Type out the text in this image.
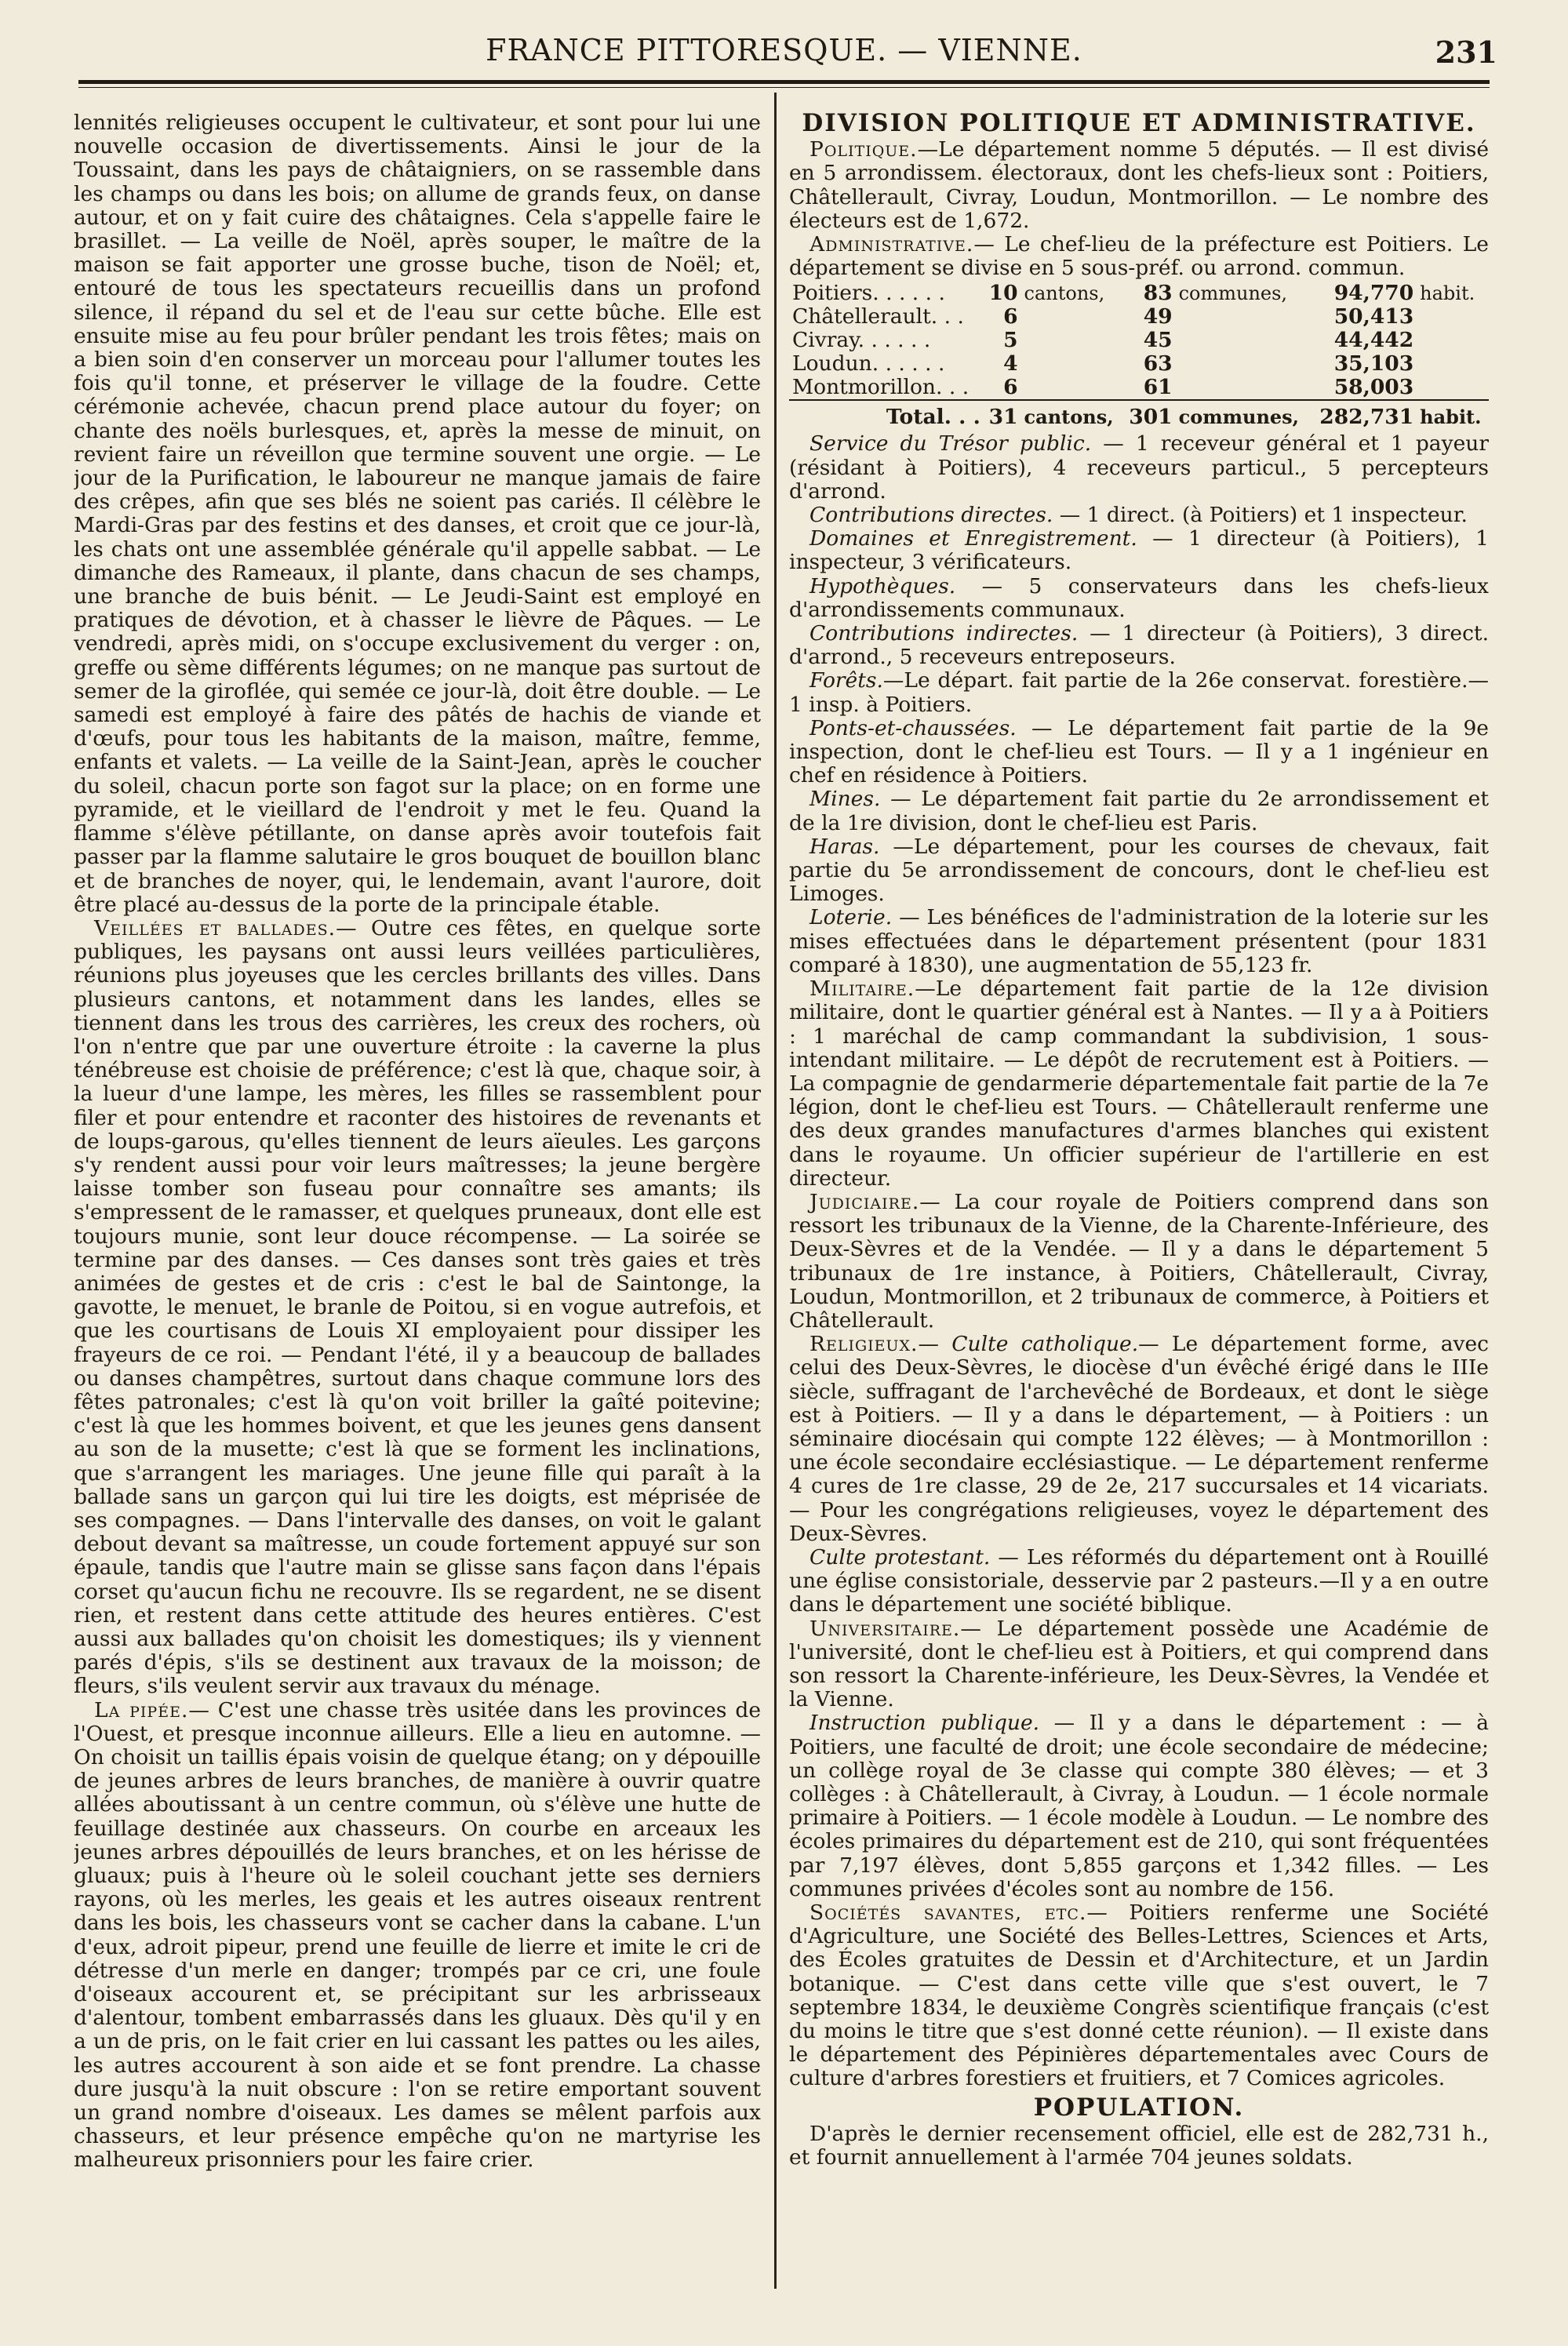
FRANCE PITTORESQUE. — VIENNE.	231

lennités religieuses occupent le cultivateur, et sont pour lui une nouvelle occasion de divertissements. Ainsi le jour de la Toussaint, dans les pays de châtaigniers, on se rassemble dans les champs ou dans les bois; on allume de grands feux, on danse autour, et on y fait cuire des châtaignes. Cela s'appelle faire le brasillet. — La veille de Noël, après souper, le maître de la maison se fait apporter une grosse buche, tison de Noël; et, entouré de tous les spectateurs recueillis dans un profond silence, il répand du sel et de l'eau sur cette bûche. Elle est ensuite mise au feu pour brûler pendant les trois fêtes; mais on a bien soin d'en conserver un morceau pour l'allumer toutes les fois qu'il tonne, et préserver le village de la foudre. Cette cérémonie achevée, chacun prend place autour du foyer; on chante des noëls burlesques, et, après la messe de minuit, on revient faire un réveillon que termine souvent une orgie. — Le jour de la Purification, le laboureur ne manque jamais de faire des crêpes, afin que ses blés ne soient pas cariés. Il célèbre le Mardi-Gras par des festins et des danses, et croit que ce jour-là, les chats ont une assemblée générale qu'il appelle sabbat. — Le dimanche des Rameaux, il plante, dans chacun de ses champs, une branche de buis bénit. — Le Jeudi-Saint est employé en pratiques de dévotion, et à chasser le lièvre de Pâques. — Le vendredi, après midi, on s'occupe exclusivement du verger : on, greffe ou sème différents légumes; on ne manque pas surtout de semer de la giroflée, qui semée ce jour-là, doit être double. — Le samedi est employé à faire des pâtés de hachis de viande et d'œufs, pour tous les habitants de la maison, maître, femme, enfants et valets. — La veille de la Saint-Jean, après le coucher du soleil, chacun porte son fagot sur la place; on en forme une pyramide, et le vieillard de l'endroit y met le feu. Quand la flamme s'élève pétillante, on danse après avoir toutefois fait passer par la flamme salutaire le gros bouquet de bouillon blanc et de branches de noyer, qui, le lendemain, avant l'aurore, doit être placé au-dessus de la porte de la principale étable.

Veillées et ballades.— Outre ces fêtes, en quelque sorte publiques, les paysans ont aussi leurs veillées particulières, réunions plus joyeuses que les cercles brillants des villes. Dans plusieurs cantons, et notamment dans les landes, elles se tiennent dans les trous des carrières, les creux des rochers, où l'on n'entre que par une ouverture étroite : la caverne la plus ténébreuse est choisie de préférence; c'est là que, chaque soir, à la lueur d'une lampe, les mères, les filles se rassemblent pour filer et pour entendre et raconter des histoires de revenants et de loups-garous, qu'elles tiennent de leurs aïeules. Les garçons s'y rendent aussi pour voir leurs maîtresses; la jeune bergère laisse tomber son fuseau pour connaître ses amants; ils s'empressent de le ramasser, et quelques pruneaux, dont elle est toujours munie, sont leur douce récompense. — La soirée se termine par des danses. — Ces danses sont très gaies et très animées de gestes et de cris : c'est le bal de Saintonge, la gavotte, le menuet, le branle de Poitou, si en vogue autrefois, et que les courtisans de Louis XI employaient pour dissiper les frayeurs de ce roi. — Pendant l'été, il y a beaucoup de ballades ou danses champêtres, surtout dans chaque commune lors des fêtes patronales; c'est là qu'on voit briller la gaîté poitevine; c'est là que les hommes boivent, et que les jeunes gens dansent au son de la musette; c'est là que se forment les inclinations, que s'arrangent les mariages. Une jeune fille qui paraît à la ballade sans un garçon qui lui tire les doigts, est méprisée de ses compagnes. — Dans l'intervalle des danses, on voit le galant debout devant sa maîtresse, un coude fortement appuyé sur son épaule, tandis que l'autre main se glisse sans façon dans l'épais corset qu'aucun fichu ne recouvre. Ils se regardent, ne se disent rien, et restent dans cette attitude des heures entières. C'est aussi aux ballades qu'on choisit les domestiques; ils y viennent parés d'épis, s'ils se destinent aux travaux de la moisson; de fleurs, s'ils veulent servir aux travaux du ménage.

La pipée.— C'est une chasse très usitée dans les provinces de l'Ouest, et presque inconnue ailleurs. Elle a lieu en automne. — On choisit un taillis épais voisin de quelque étang; on y dépouille de jeunes arbres de leurs branches, de manière à ouvrir quatre allées aboutissant à un centre commun, où s'élève une hutte de feuillage destinée aux chasseurs. On courbe en arceaux les jeunes arbres dépouillés de leurs branches, et on les hérisse de gluaux; puis à l'heure où le soleil couchant jette ses derniers rayons, où les merles, les geais et les autres oiseaux rentrent dans les bois, les chasseurs vont se cacher dans la cabane. L'un d'eux, adroit pipeur, prend une feuille de lierre et imite le cri de détresse d'un merle en danger; trompés par ce cri, une foule d'oiseaux accourent et, se précipitant sur les arbrisseaux d'alentour, tombent embarrassés dans les gluaux. Dès qu'il y en a un de pris, on le fait crier en lui cassant les pattes ou les ailes, les autres accourent à son aide et se font prendre. La chasse dure jusqu'à la nuit obscure : l'on se retire emportant souvent un grand nombre d'oiseaux. Les dames se mêlent parfois aux chasseurs, et leur présence empêche qu'on ne martyrise les malheureux prisonniers pour les faire crier.

DIVISION POLITIQUE ET ADMINISTRATIVE.

Politique.—Le département nomme 5 députés. — Il est divisé en 5 arrondissem. électoraux, dont les chefs-lieux sont : Poitiers, Châtellerault, Civray, Loudun, Montmorillon. — Le nombre des électeurs est de 1,672.

Administrative.— Le chef-lieu de la préfecture est Poitiers. Le département se divise en 5 sous-préf. ou arrond. commun.

Poitiers. . . . . .	10	cantons,	83	communes,	94,770	habit.
Châtellerault. . .	6		49		50,413	
Civray. . . . . .	5		45		44,442	
Loudun. . . . . .	4		63		35,103	
Montmorillon. . .	6		61		58,003	

Total. . .	31	cantons,	301	communes,	282,731	habit.

Service du Trésor public. — 1 receveur général et 1 payeur (résidant à Poitiers), 4 receveurs particul., 5 percepteurs d'arrond.

Contributions directes. — 1 direct. (à Poitiers) et 1 inspecteur.

Domaines et Enregistrement. — 1 directeur (à Poitiers), 1 inspecteur, 3 vérificateurs.

Hypothèques. — 5 conservateurs dans les chefs-lieux d'arrondissements communaux.

Contributions indirectes. — 1 directeur (à Poitiers), 3 direct. d'arrond., 5 receveurs entreposeurs.

Forêts.—Le départ. fait partie de la 26e conservat. forestière.— 1 insp. à Poitiers.

Ponts-et-chaussées. — Le département fait partie de la 9e inspection, dont le chef-lieu est Tours. — Il y a 1 ingénieur en chef en résidence à Poitiers.

Mines. — Le département fait partie du 2e arrondissement et de la 1re division, dont le chef-lieu est Paris.

Haras. —Le département, pour les courses de chevaux, fait partie du 5e arrondissement de concours, dont le chef-lieu est Limoges.

Loterie. — Les bénéfices de l'administration de la loterie sur les mises effectuées dans le département présentent (pour 1831 comparé à 1830), une augmentation de 55,123 fr.

Militaire.—Le département fait partie de la 12e division militaire, dont le quartier général est à Nantes. — Il y a à Poitiers : 1 maréchal de camp commandant la subdivision, 1 sous-intendant militaire. — Le dépôt de recrutement est à Poitiers. — La compagnie de gendarmerie départementale fait partie de la 7e légion, dont le chef-lieu est Tours. — Châtellerault renferme une des deux grandes manufactures d'armes blanches qui existent dans le royaume. Un officier supérieur de l'artillerie en est directeur.

Judiciaire.— La cour royale de Poitiers comprend dans son ressort les tribunaux de la Vienne, de la Charente-Inférieure, des Deux-Sèvres et de la Vendée. — Il y a dans le département 5 tribunaux de 1re instance, à Poitiers, Châtellerault, Civray, Loudun, Montmorillon, et 2 tribunaux de commerce, à Poitiers et Châtellerault.

Religieux.— Culte catholique.— Le département forme, avec celui des Deux-Sèvres, le diocèse d'un évêché érigé dans le IIIe siècle, suffragant de l'archevêché de Bordeaux, et dont le siège est à Poitiers. — Il y a dans le département, — à Poitiers : un séminaire diocésain qui compte 122 élèves; — à Montmorillon : une école secondaire ecclésiastique. — Le département renferme 4 cures de 1re classe, 29 de 2e, 217 succursales et 14 vicariats. — Pour les congrégations religieuses, voyez le département des Deux-Sèvres.

Culte protestant. — Les réformés du département ont à Rouillé une église consistoriale, desservie par 2 pasteurs.—Il y a en outre dans le département une société biblique.

Universitaire.— Le département possède une Académie de l'université, dont le chef-lieu est à Poitiers, et qui comprend dans son ressort la Charente-inférieure, les Deux-Sèvres, la Vendée et la Vienne.

Instruction publique. — Il y a dans le département : — à Poitiers, une faculté de droit; une école secondaire de médecine; un collège royal de 3e classe qui compte 380 élèves; — et 3 collèges : à Châtellerault, à Civray, à Loudun. — 1 école normale primaire à Poitiers. — 1 école modèle à Loudun. — Le nombre des écoles primaires du département est de 210, qui sont fréquentées par 7,197 élèves, dont 5,855 garçons et 1,342 filles. — Les communes privées d'écoles sont au nombre de 156.

Sociétés savantes, etc.— Poitiers renferme une Société d'Agriculture, une Société des Belles-Lettres, Sciences et Arts, des Écoles gratuites de Dessin et d'Architecture, et un Jardin botanique. — C'est dans cette ville que s'est ouvert, le 7 septembre 1834, le deuxième Congrès scientifique français (c'est du moins le titre que s'est donné cette réunion). — Il existe dans le département des Pépinières départementales avec Cours de culture d'arbres forestiers et fruitiers, et 7 Comices agricoles.

POPULATION.

D'après le dernier recensement officiel, elle est de 282,731 h., et fournit annuellement à l'armée 704 jeunes soldats.
